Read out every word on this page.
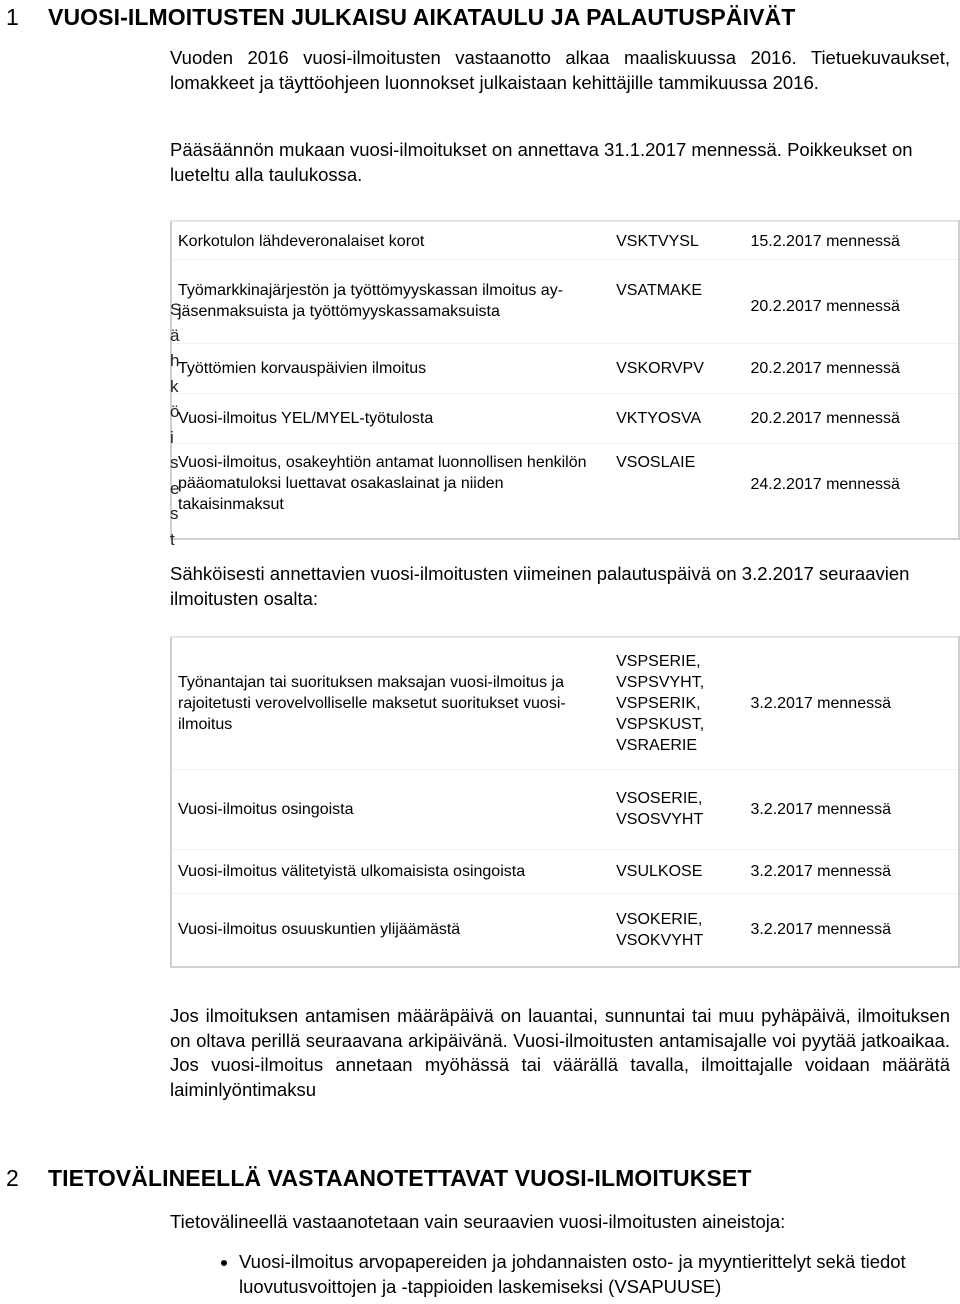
1 VUOSI-ILMOITUSTEN JULKAISU AIKATAULU JA PALAUTUSPÄIVÄT

Vuoden 2016 vuosi-ilmoitusten vastaanotto alkaa maaliskuussa 2016. Tietuekuvaukset, lomakkeet ja täyttöohjeen luonnokset julkaistaan kehittäjille tammikuussa 2016.

Pääsäännön mukaan vuosi-ilmoitukset on annettava 31.1.2017 mennessä. Poikkeukset on lueteltu alla taulukossa.

Korkotulon lähdeveronalaiset korot	VSKTVYSL	15.2.2017 mennessä
Työmarkkinajärjestön ja työttömyyskassan ilmoitus ay-jäsenmaksuista ja työttömyyskassamaksuista	VSATMAKE	20.2.2017 mennessä
Työttömien korvauspäivien ilmoitus	VSKORVPV	20.2.2017 mennessä
Vuosi-ilmoitus YEL/MYEL-työtulosta	VKTYOSVA	20.2.2017 mennessä
Vuosi-ilmoitus, osakeyhtiön antamat luonnollisen henkilön pääomatuloksi luettavat osakaslainat ja niiden takaisinmaksut	VSOSLAIE	24.2.2017 mennessä
S
ä
h
k
ö
i
s
e
s
t

Sähköisesti annettavien vuosi-ilmoitusten viimeinen palautuspäivä on 3.2.2017 seuraavien ilmoitusten osalta:

Työnantajan tai suorituksen maksajan vuosi-ilmoitus ja rajoitetusti verovelvolliselle maksetut suoritukset vuosi-ilmoitus	VSPSERIE,
VSPSVYHT,
VSPSERIK,
VSPSKUST,
VSRAERIE	3.2.2017 mennessä
Vuosi-ilmoitus osingoista	VSOSERIE,
VSOSVYHT	3.2.2017 mennessä
Vuosi-ilmoitus välitetyistä ulkomaisista osingoista	VSULKOSE	3.2.2017 mennessä
Vuosi-ilmoitus osuuskuntien ylijäämästä	VSOKERIE,
VSOKVYHT	3.2.2017 mennessä

Jos ilmoituksen antamisen määräpäivä on lauantai, sunnuntai tai muu pyhäpäivä, ilmoituksen on oltava perillä seuraavana arkipäivänä. Vuosi-ilmoitusten antamisajalle voi pyytää jatkoaikaa. Jos vuosi-ilmoitus annetaan myöhässä tai väärällä tavalla, ilmoittajalle voidaan määrätä laiminlyöntimaksu

2 TIETOVÄLINEELLÄ VASTAANOTETTAVAT VUOSI-ILMOITUKSET

Tietovälineellä vastaanotetaan vain seuraavien vuosi-ilmoitusten aineistoja:

• Vuosi-ilmoitus arvopapereiden ja johdannaisten osto- ja myyntierittelyt sekä tiedot luovutusvoittojen ja -tappioiden laskemiseksi (VSAPUUSE)
